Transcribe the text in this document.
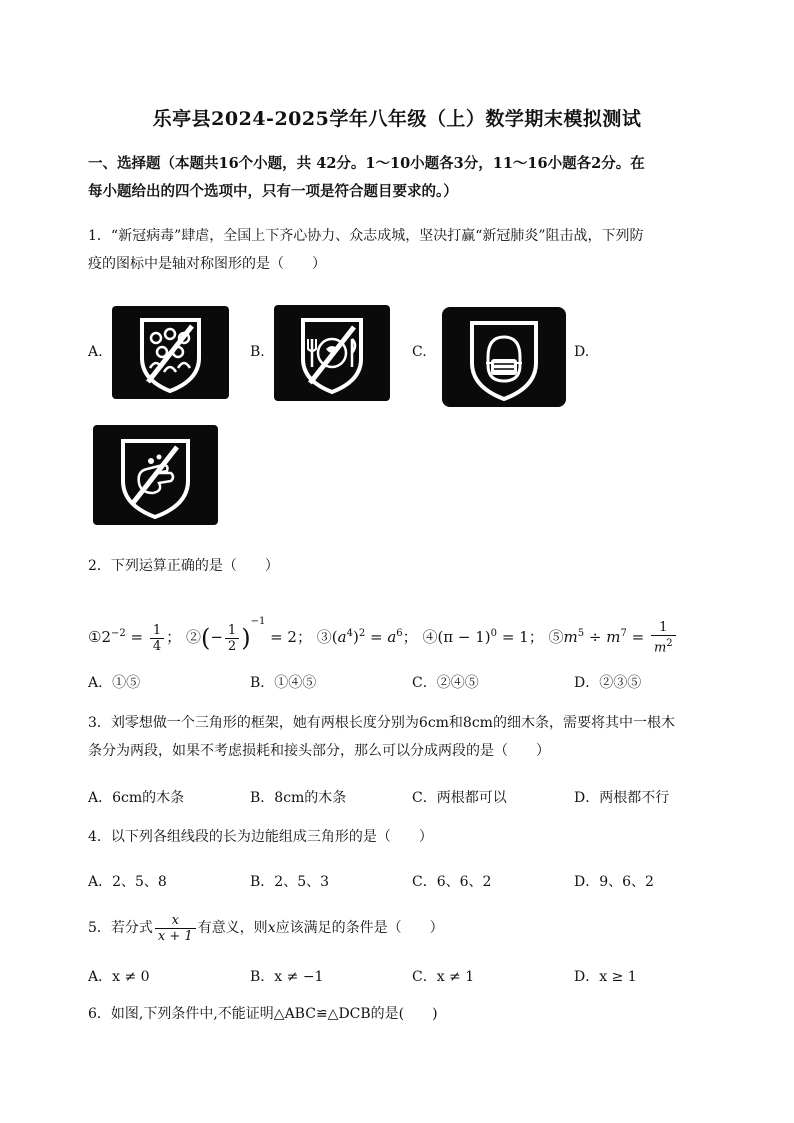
乐亭县2024-2025学年八年级（上）数学期末模拟测试
一、选择题（本题共16个小题，共 42分。1～10小题各3分，11～16小题各2分。在
每小题给出的四个选项中，只有一项是符合题目要求的。）
1．“新冠病毒”肆虐，全国上下齐心协力、众志成城，坚决打赢“新冠肺炎”阻击战，下列防
疫的图标中是轴对称图形的是（　　）
A.	B.	C.	D.
2．下列运算正确的是（　　）
$①2^{-2} = \frac{1}{4}$ ； ②(− $\frac{1}{2} )^{-1} = 2$； $③(a^4)^2 = a^6$； ④(π − 1)$^0$ = 1； $⑤m^5 \div m^7 = \frac{1}{m^2}$
A．①⑤	B．①④⑤	C．②④⑤	D．②③⑤
3．刘零想做一个三角形的框架，她有两根长度分别为6cm和8cm的细木条，需要将其中一根木
条分为两段，如果不考虑损耗和接头部分，那么可以分成两段的是（　　）
A．6cm的木条	B．8cm的木条	C．两根都可以	D．两根都不行
4．以下列各组线段的长为边能组成三角形的是（　　）
A．2、5、8	B．2、5、3	C．6、6、2	D．9、6、2
5．若分式 $\frac{x}{x + 1}$ 有意义，则x应该满足的条件是（　　）
A．x ≠ 0	B．x ≠ −1	C．x ≠ 1	D．x ≥ 1
6．如图,下列条件中,不能证明△ABC≌△DCB的是(　　)
